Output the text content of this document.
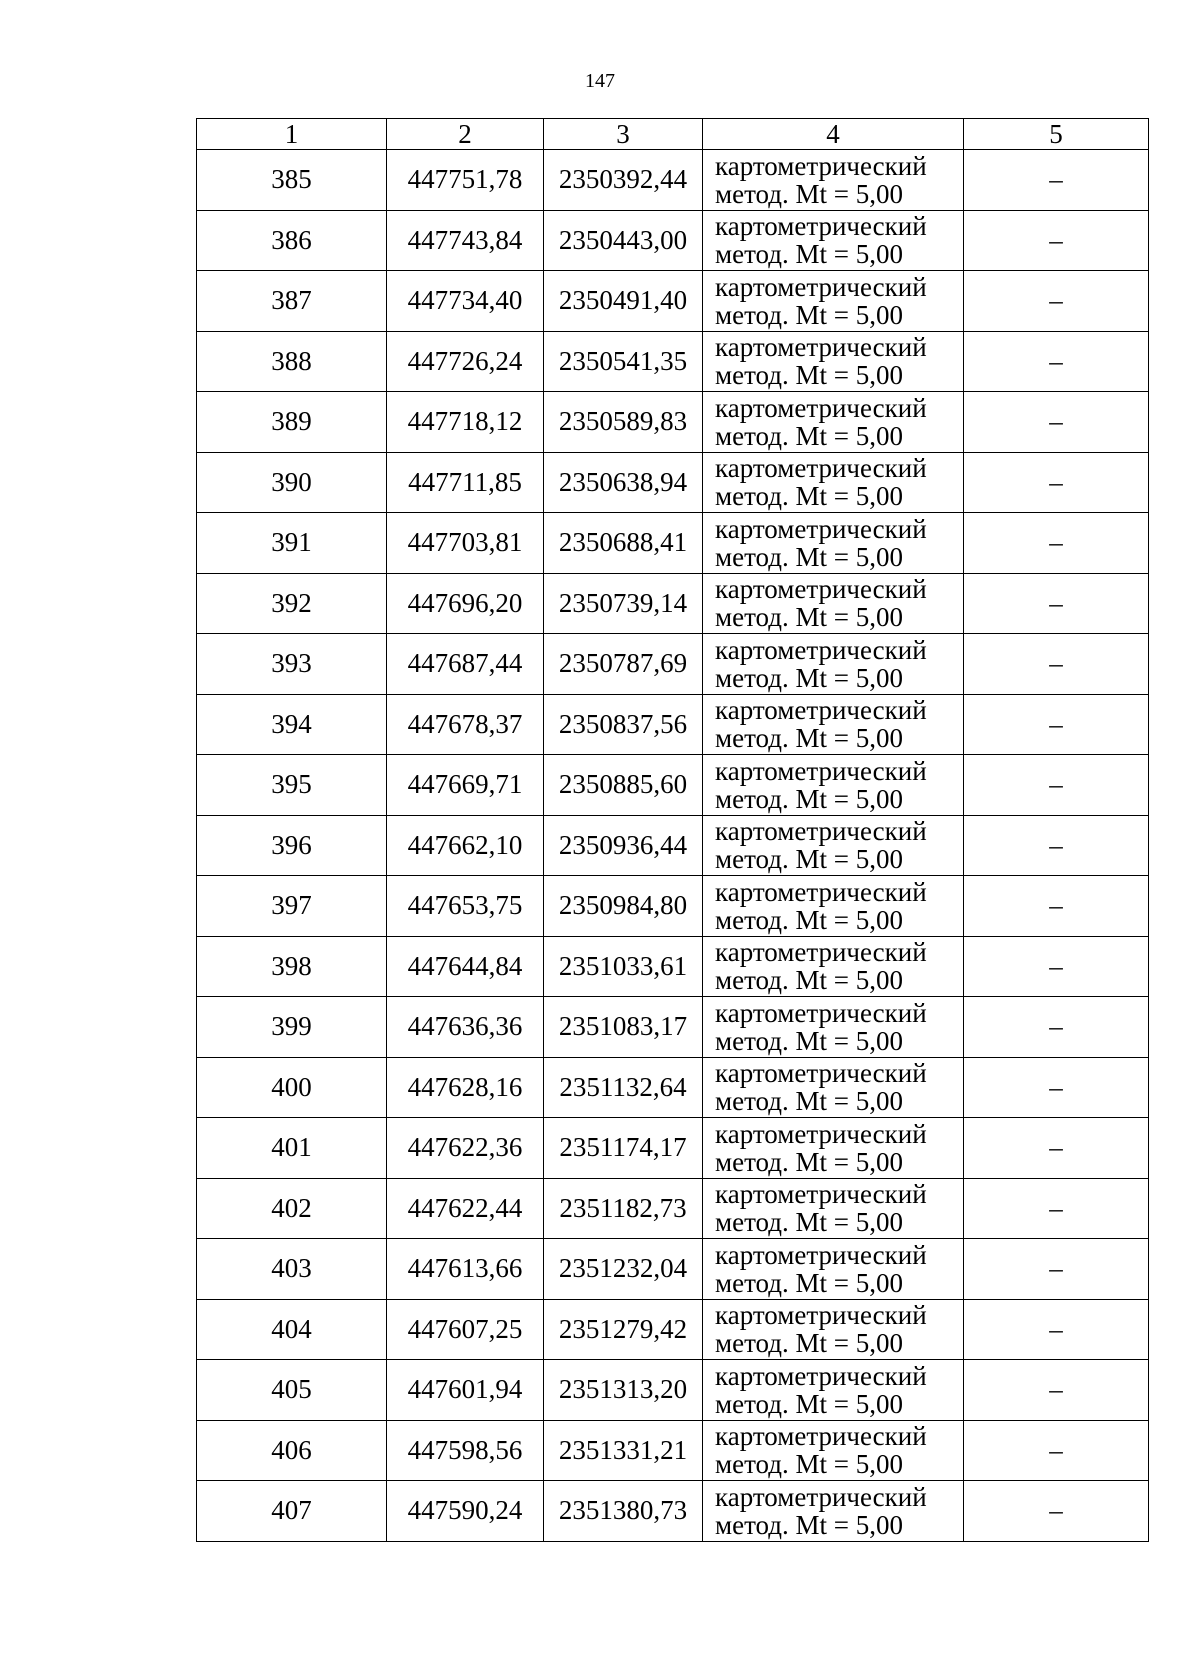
147
1	2	3	4	5
385	447751,78	2350392,44	картометрический
метод. Mt = 5,00	–
386	447743,84	2350443,00	картометрический
метод. Mt = 5,00	–
387	447734,40	2350491,40	картометрический
метод. Mt = 5,00	–
388	447726,24	2350541,35	картометрический
метод. Mt = 5,00	–
389	447718,12	2350589,83	картометрический
метод. Mt = 5,00	–
390	447711,85	2350638,94	картометрический
метод. Mt = 5,00	–
391	447703,81	2350688,41	картометрический
метод. Mt = 5,00	–
392	447696,20	2350739,14	картометрический
метод. Mt = 5,00	–
393	447687,44	2350787,69	картометрический
метод. Mt = 5,00	–
394	447678,37	2350837,56	картометрический
метод. Mt = 5,00	–
395	447669,71	2350885,60	картометрический
метод. Mt = 5,00	–
396	447662,10	2350936,44	картометрический
метод. Mt = 5,00	–
397	447653,75	2350984,80	картометрический
метод. Mt = 5,00	–
398	447644,84	2351033,61	картометрический
метод. Mt = 5,00	–
399	447636,36	2351083,17	картометрический
метод. Mt = 5,00	–
400	447628,16	2351132,64	картометрический
метод. Mt = 5,00	–
401	447622,36	2351174,17	картометрический
метод. Mt = 5,00	–
402	447622,44	2351182,73	картометрический
метод. Mt = 5,00	–
403	447613,66	2351232,04	картометрический
метод. Mt = 5,00	–
404	447607,25	2351279,42	картометрический
метод. Mt = 5,00	–
405	447601,94	2351313,20	картометрический
метод. Mt = 5,00	–
406	447598,56	2351331,21	картометрический
метод. Mt = 5,00	–
407	447590,24	2351380,73	картометрический
метод. Mt = 5,00	–
